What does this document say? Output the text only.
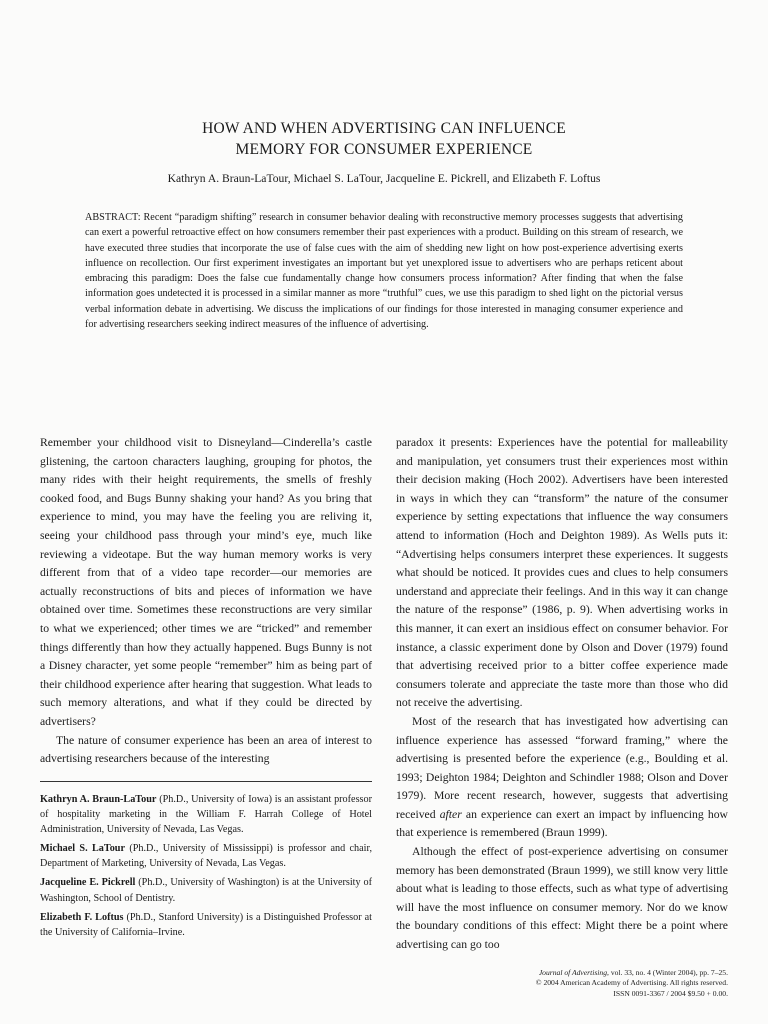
HOW AND WHEN ADVERTISING CAN INFLUENCE
MEMORY FOR CONSUMER EXPERIENCE
Kathryn A. Braun-LaTour, Michael S. LaTour, Jacqueline E. Pickrell, and Elizabeth F. Loftus
ABSTRACT: Recent “paradigm shifting” research in consumer behavior dealing with reconstructive memory processes suggests that advertising can exert a powerful retroactive effect on how consumers remember their past experiences with a product. Building on this stream of research, we have executed three studies that incorporate the use of false cues with the aim of shedding new light on how post-experience advertising exerts influence on recollection. Our first experiment investigates an important but yet unexplored issue to advertisers who are perhaps reticent about embracing this paradigm: Does the false cue fundamentally change how consumers process information? After finding that when the false information goes undetected it is processed in a similar manner as more “truthful” cues, we use this paradigm to shed light on the pictorial versus verbal information debate in advertising. We discuss the implications of our findings for those interested in managing consumer experience and for advertising researchers seeking indirect measures of the influence of advertising.

Remember your childhood visit to Disneyland—Cinderella’s castle glistening, the cartoon characters laughing, grouping for photos, the many rides with their height requirements, the smells of freshly cooked food, and Bugs Bunny shaking your hand? As you bring that experience to mind, you may have the feeling you are reliving it, seeing your childhood pass through your mind’s eye, much like reviewing a videotape. But the way human memory works is very different from that of a video tape recorder—our memories are actually reconstructions of bits and pieces of information we have obtained over time. Sometimes these reconstructions are very similar to what we experienced; other times we are “tricked” and remember things differently than how they actually happened. Bugs Bunny is not a Disney character, yet some people “remember” him as being part of their childhood experience after hearing that suggestion. What leads to such memory alterations, and what if they could be directed by advertisers?

The nature of consumer experience has been an area of interest to advertising researchers because of the interesting

Kathryn A. Braun-LaTour (Ph.D., University of Iowa) is an assistant professor of hospitality marketing in the William F. Harrah College of Hotel Administration, University of Nevada, Las Vegas.

Michael S. LaTour (Ph.D., University of Mississippi) is professor and chair, Department of Marketing, University of Nevada, Las Vegas.

Jacqueline E. Pickrell (Ph.D., University of Washington) is at the University of Washington, School of Dentistry.

Elizabeth F. Loftus (Ph.D., Stanford University) is a Distinguished Professor at the University of California–Irvine.

paradox it presents: Experiences have the potential for malleability and manipulation, yet consumers trust their experiences most within their decision making (Hoch 2002). Advertisers have been interested in ways in which they can “transform” the nature of the consumer experience by setting expectations that influence the way consumers attend to information (Hoch and Deighton 1989). As Wells puts it: “Advertising helps consumers interpret these experiences. It suggests what should be noticed. It provides cues and clues to help consumers understand and appreciate their feelings. And in this way it can change the nature of the response” (1986, p. 9). When advertising works in this manner, it can exert an insidious effect on consumer behavior. For instance, a classic experiment done by Olson and Dover (1979) found that advertising received prior to a bitter coffee experience made consumers tolerate and appreciate the taste more than those who did not receive the advertising.

Most of the research that has investigated how advertising can influence experience has assessed “forward framing,” where the advertising is presented before the experience (e.g., Boulding et al. 1993; Deighton 1984; Deighton and Schindler 1988; Olson and Dover 1979). More recent research, however, suggests that advertising received after an experience can exert an impact by influencing how that experience is remembered (Braun 1999).

Although the effect of post-experience advertising on consumer memory has been demonstrated (Braun 1999), we still know very little about what is leading to those effects, such as what type of advertising will have the most influence on consumer memory. Nor do we know the boundary conditions of this effect: Might there be a point where advertising can go too

Journal of Advertising, vol. 33, no. 4 (Winter 2004), pp. 7–25.
© 2004 American Academy of Advertising. All rights reserved.
ISSN 0091-3367 / 2004 $9.50 + 0.00.
